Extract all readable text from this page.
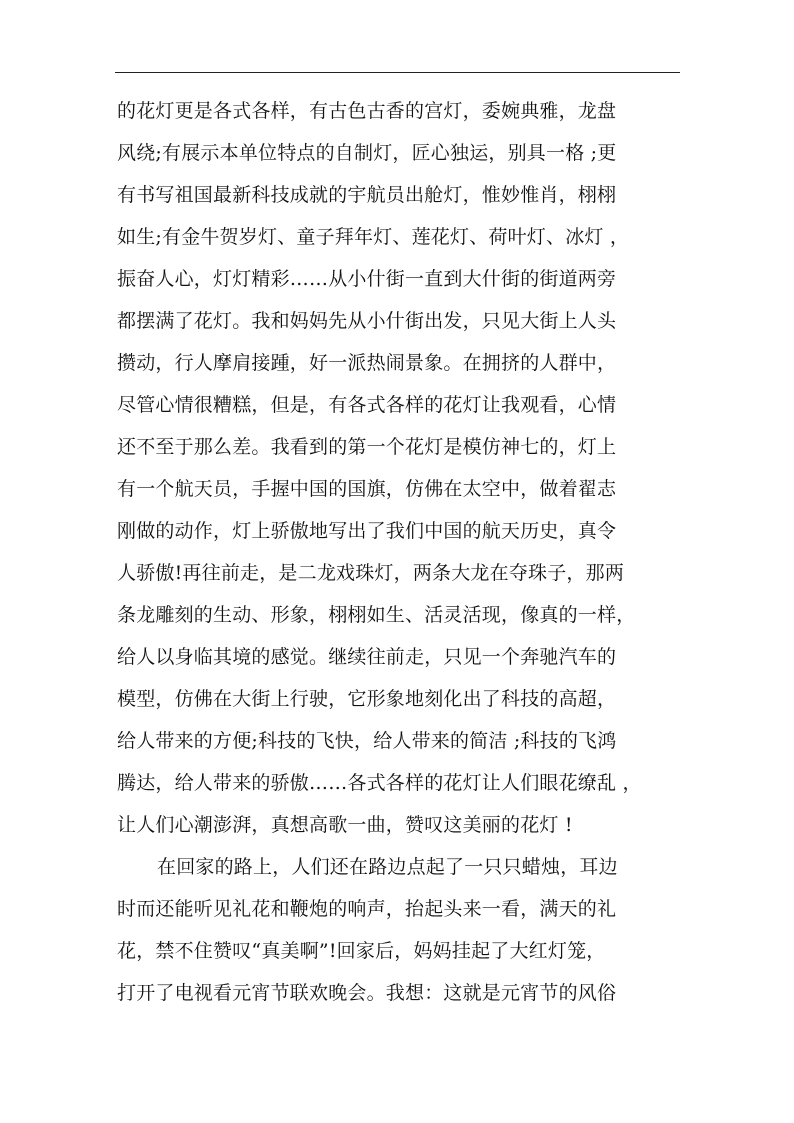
的花灯更是各式各样，有古色古香的宫灯，委婉典雅，龙盘
风绕;有展示本单位特点的自制灯，匠心独运，别具一格 ;更
有书写祖国最新科技成就的宇航员出舱灯，惟妙惟肖，栩栩
如生;有金牛贺岁灯、童子拜年灯、莲花灯、荷叶灯、冰灯 ，
振奋人心，灯灯精彩……从小什街一直到大什街的街道两旁
都摆满了花灯。我和妈妈先从小什街出发，只见大街上人头
攒动，行人摩肩接踵，好一派热闹景象。在拥挤的人群中，
尽管心情很糟糕，但是，有各式各样的花灯让我观看，心情
还不至于那么差。我看到的第一个花灯是模仿神七的，灯上
有一个航天员，手握中国的国旗，仿佛在太空中，做着翟志
刚做的动作，灯上骄傲地写出了我们中国的航天历史，真令
人骄傲!再往前走，是二龙戏珠灯，两条大龙在夺珠子，那两
条龙雕刻的生动、形象，栩栩如生、活灵活现，像真的一样，
给人以身临其境的感觉。继续往前走，只见一个奔驰汽车的
模型，仿佛在大街上行驶，它形象地刻化出了科技的高超，
给人带来的方便;科技的飞快，给人带来的简洁 ;科技的飞鸿
腾达，给人带来的骄傲……各式各样的花灯让人们眼花缭乱 ，
让人们心潮澎湃，真想高歌一曲，赞叹这美丽的花灯 !
在回家的路上，人们还在路边点起了一只只蜡烛，耳边
时而还能听见礼花和鞭炮的响声，抬起头来一看，满天的礼
花，禁不住赞叹“真美啊”!回家后，妈妈挂起了大红灯笼，
打开了电视看元宵节联欢晚会。我想：这就是元宵节的风俗
